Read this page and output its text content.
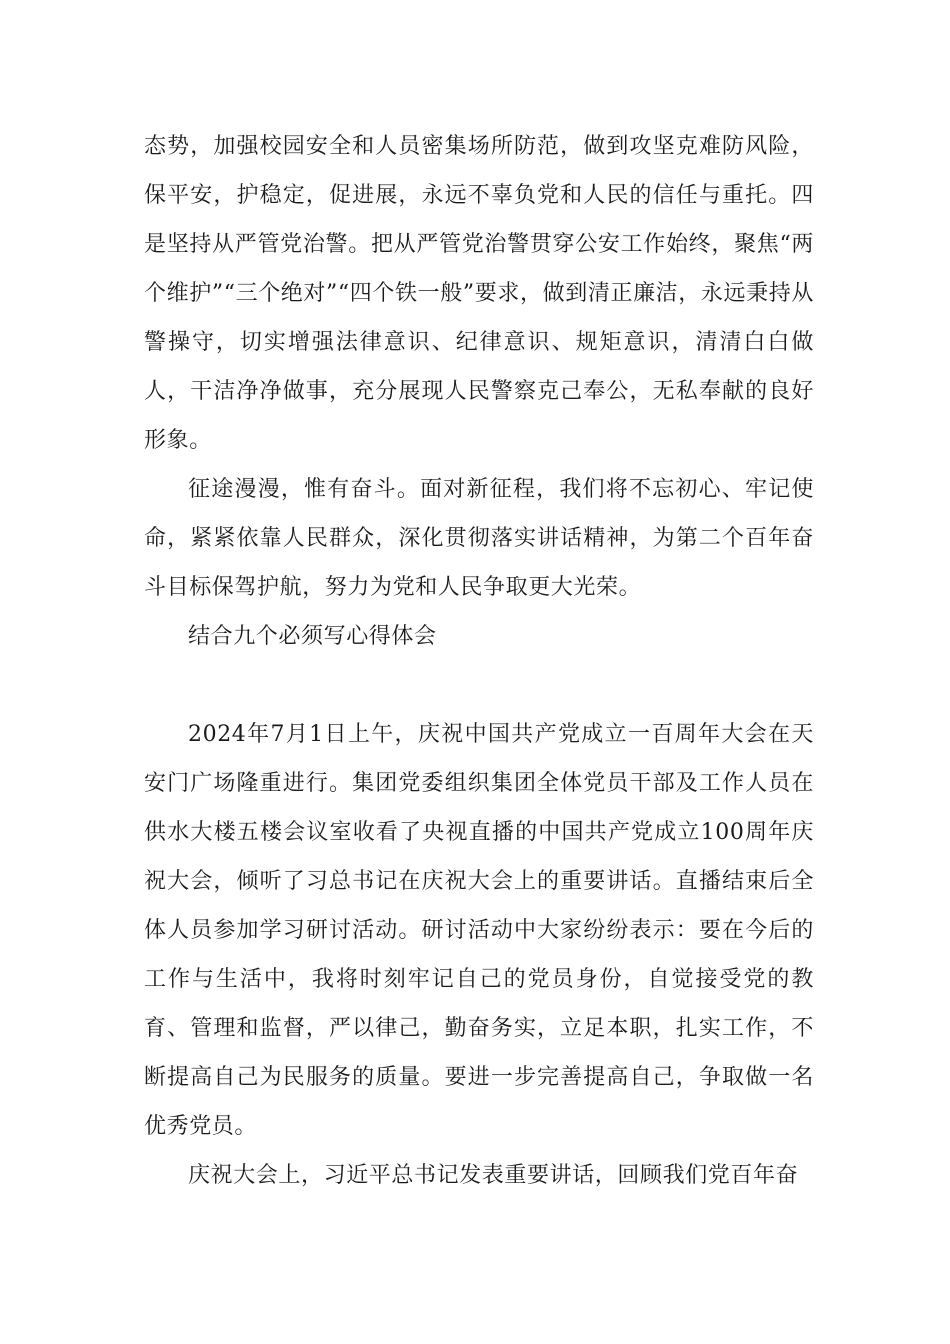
态势，加强校园安全和人员密集场所防范，做到攻坚克难防风险，保平安，护稳定，促进展，永远不辜负党和人民的信任与重托。四是坚持从严管党治警。把从严管党治警贯穿公安工作始终，聚焦“两个维护”“三个绝对”“四个铁一般”要求，做到清正廉洁，永远秉持从警操守，切实增强法律意识、纪律意识、规矩意识，清清白白做人，干洁净净做事，充分展现人民警察克己奉公，无私奉献的良好形象。

征途漫漫，惟有奋斗。面对新征程，我们将不忘初心、牢记使命，紧紧依靠人民群众，深化贯彻落实讲话精神，为第二个百年奋斗目标保驾护航，努力为党和人民争取更大光荣。

结合九个必须写心得体会

2024年7月1日上午，庆祝中国共产党成立一百周年大会在天安门广场隆重进行。集团党委组织集团全体党员干部及工作人员在供水大楼五楼会议室收看了央视直播的中国共产党成立100周年庆祝大会，倾听了习总书记在庆祝大会上的重要讲话。直播结束后全体人员参加学习研讨活动。研讨活动中大家纷纷表示：要在今后的工作与生活中，我将时刻牢记自己的党员身份，自觉接受党的教育、管理和监督，严以律己，勤奋务实，立足本职，扎实工作，不断提高自己为民服务的质量。要进一步完善提高自己，争取做一名优秀党员。

庆祝大会上，习近平总书记发表重要讲话，回顾我们党百年奋
